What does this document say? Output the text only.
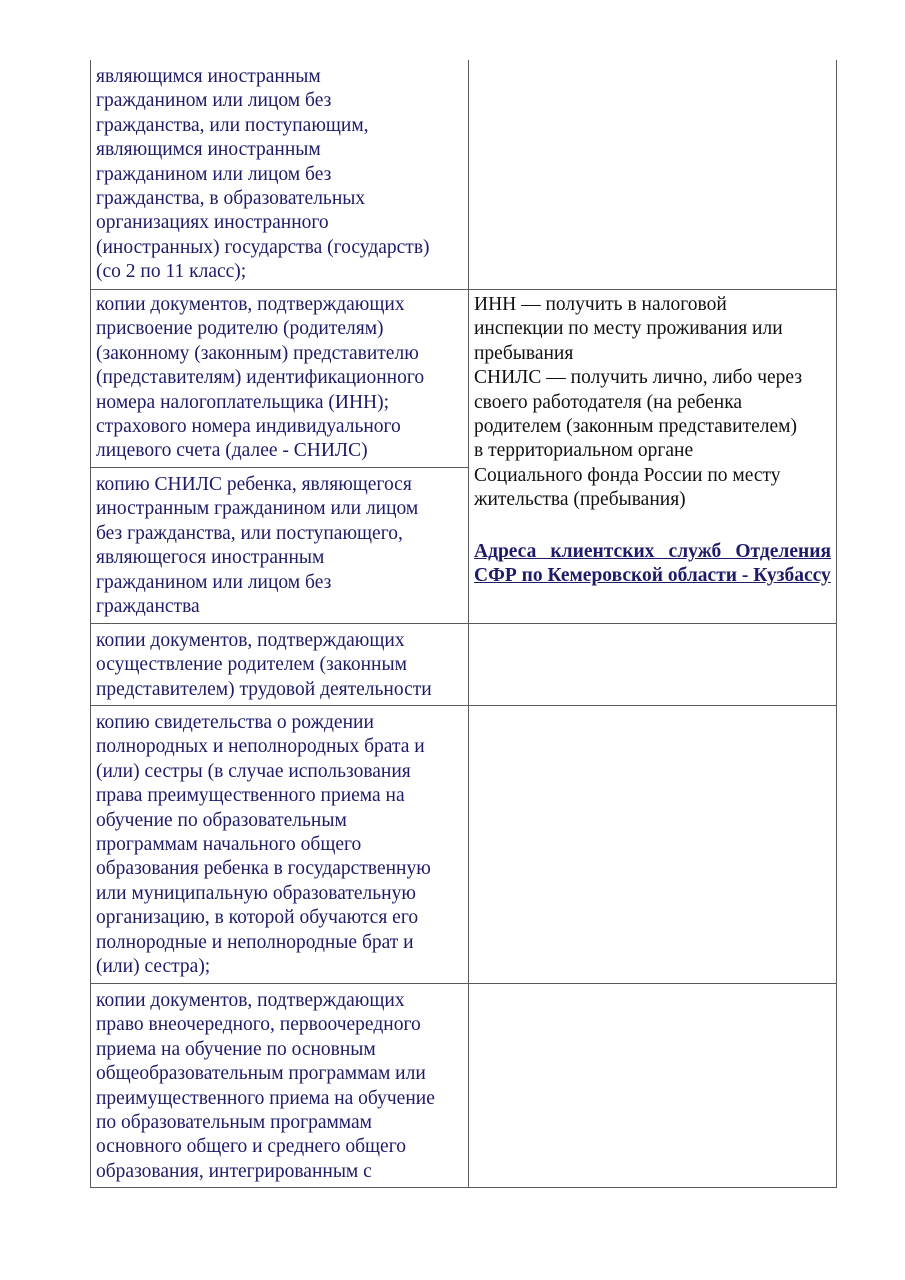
являющимся иностранным
гражданином или лицом без
гражданства, или поступающим,
являющимся иностранным
гражданином или лицом без
гражданства, в образовательных
организациях иностранного
(иностранных) государства (государств)
(со 2 по 11 класс);

копии документов, подтверждающих
присвоение родителю (родителям)
(законному (законным) представителю
(представителям) идентификационного
номера налогоплательщика (ИНН);
страхового номера индивидуального
лицевого счета (далее - СНИЛС)

копию СНИЛС ребенка, являющегося
иностранным гражданином или лицом
без гражданства, или поступающего,
являющегося иностранным
гражданином или лицом без
гражданства

копии документов, подтверждающих
осуществление родителем (законным
представителем) трудовой деятельности

копию свидетельства о рождении
полнородных и неполнородных брата и
(или) сестры (в случае использования
права преимущественного приема на
обучение по образовательным
программам начального общего
образования ребенка в государственную
или муниципальную образовательную
организацию, в которой обучаются его
полнородные и неполнородные брат и
(или) сестра);

копии документов, подтверждающих
право внеочередного, первоочередного
приема на обучение по основным
общеобразовательным программам или
преимущественного приема на обучение
по образовательным программам
основного общего и среднего общего
образования, интегрированным с

ИНН — получить в налоговой
инспекции по месту проживания или
пребывания
СНИЛС — получить лично, либо через
своего работодателя (на ребенка
родителем (законным представителем)
в территориальном органе
Социального фонда России по месту
жительства (пребывания)

Адреса клиентских служб Отделения СФР по Кемеровской области - Кузбассу
